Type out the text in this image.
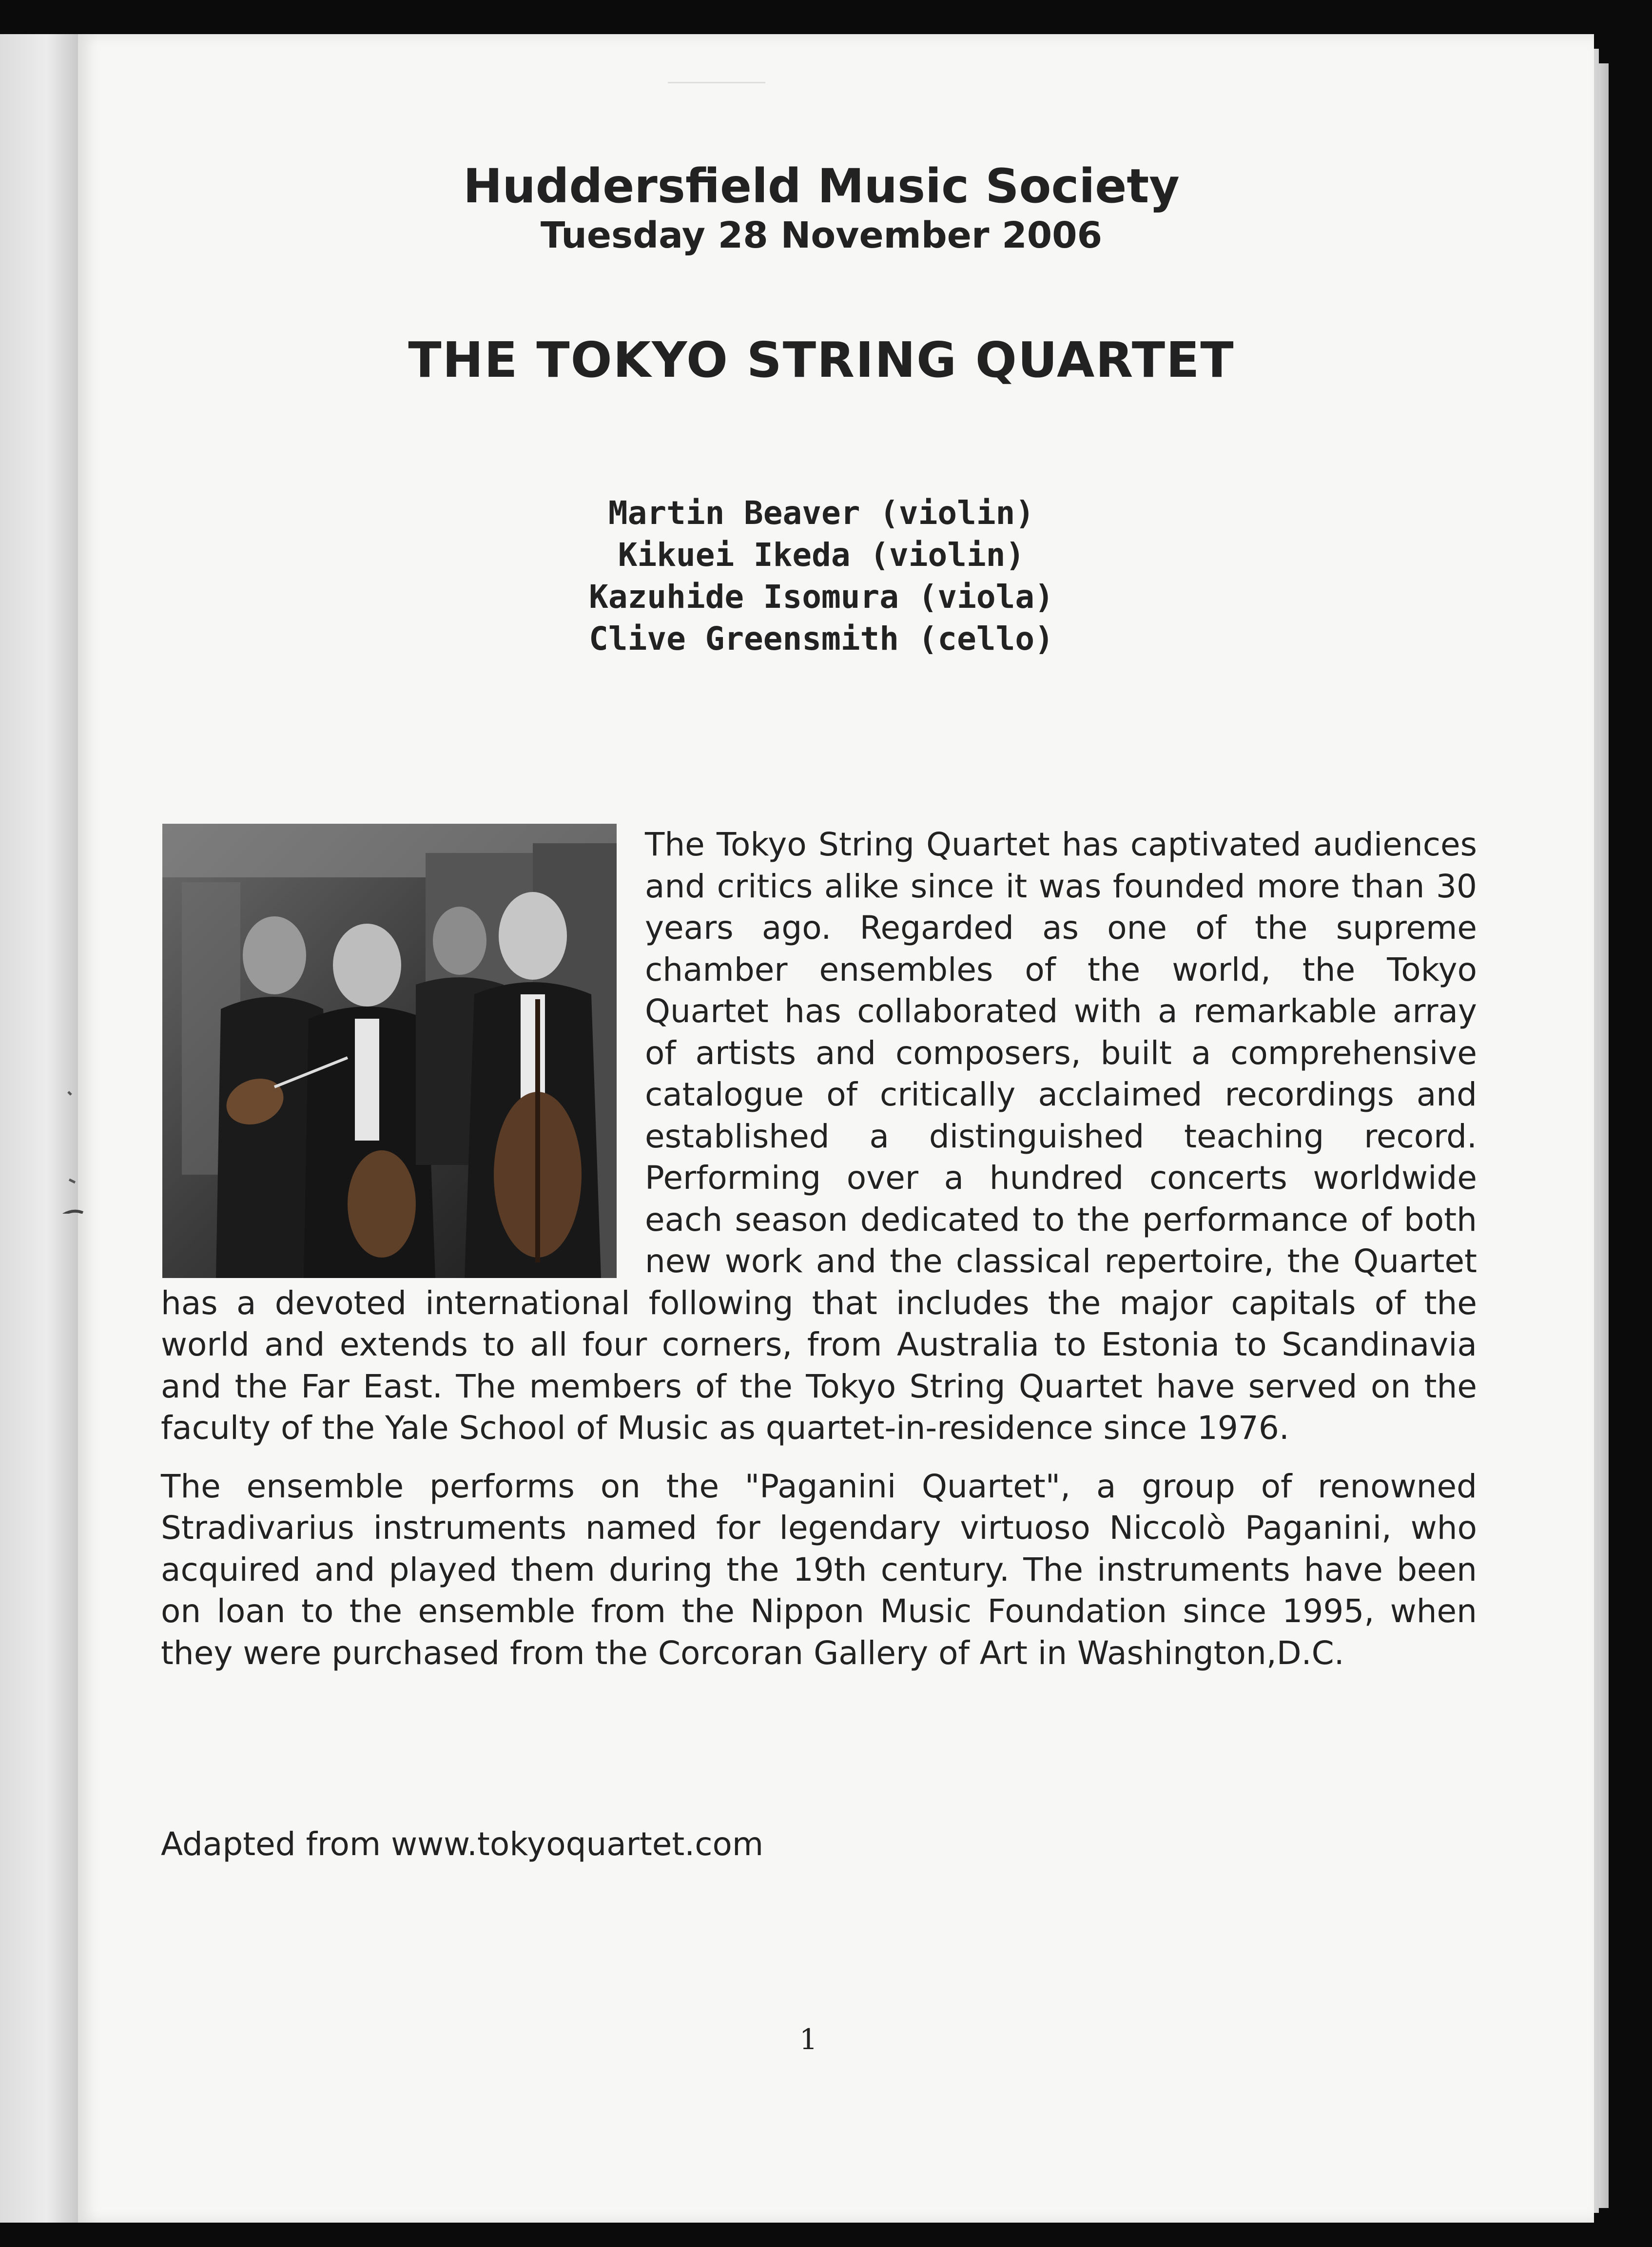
Huddersfield Music Society
Tuesday 28 November 2006
THE TOKYO STRING QUARTET
Martin Beaver (violin)
Kikuei Ikeda (violin)
Kazuhide Isomura (viola)
Clive Greensmith (cello)

The Tokyo String Quartet has captivated audiences and critics alike since it was founded more than 30 years ago. Regarded as one of the supreme chamber ensembles of the world, the Tokyo Quartet has collaborated with a remarkable array of artists and composers, built a comprehensive catalogue of critically acclaimed recordings and established a distinguished teaching record. Performing over a hundred concerts worldwide each season dedicated to the performance of both new work and the classical repertoire, the Quartet has a devoted international following that includes the major capitals of the world and extends to all four corners, from Australia to Estonia to Scandinavia and the Far East. The members of the Tokyo String Quartet have served on the faculty of the Yale School of Music as quartet-in-residence since 1976.

The ensemble performs on the "Paganini Quartet", a group of renowned Stradivarius instruments named for legendary virtuoso Niccolò Paganini, who acquired and played them during the 19th century. The instruments have been on loan to the ensemble from the Nippon Music Foundation since 1995, when they were purchased from the Corcoran Gallery of Art in Washington,D.C.

Adapted from www.tokyoquartet.com
1
